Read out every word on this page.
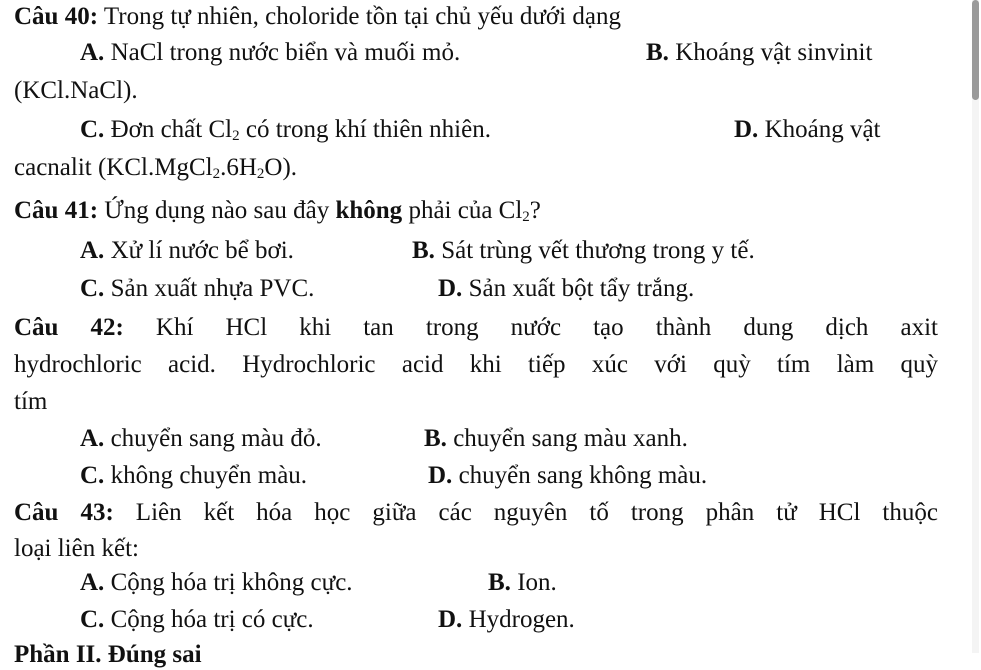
Câu 40: Trong tự nhiên, choloride tồn tại chủ yếu dưới dạng
A. NaCl trong nước biển và muối mỏ.	B. Khoáng vật sinvinit
(KCl.NaCl).
C. Đơn chất $Cl_2$ có trong khí thiên nhiên.	D. Khoáng vật
cacnalit $(KCl.MgCl_2.6H_2O)$.
Câu 41: Ứng dụng nào sau đây không phải của $Cl_2$?
A. Xử lí nước bể bơi.	B. Sát trùng vết thương trong y tế.
C. Sản xuất nhựa PVC.	D. Sản xuất bột tẩy trắng.
Câu 42: Khí HCl khi tan trong nước tạo thành dung dịch axit
hydrochloric acid. Hydrochloric acid khi tiếp xúc với quỳ tím làm quỳ
tím
A. chuyển sang màu đỏ.	B. chuyển sang màu xanh.
C. không chuyển màu.	D. chuyển sang không màu.
Câu 43: Liên kết hóa học giữa các nguyên tố trong phân tử HCl thuộc
loại liên kết:
A. Cộng hóa trị không cực.	B. Ion.
C. Cộng hóa trị có cực.	D. Hydrogen.
Phần II. Đúng sai
